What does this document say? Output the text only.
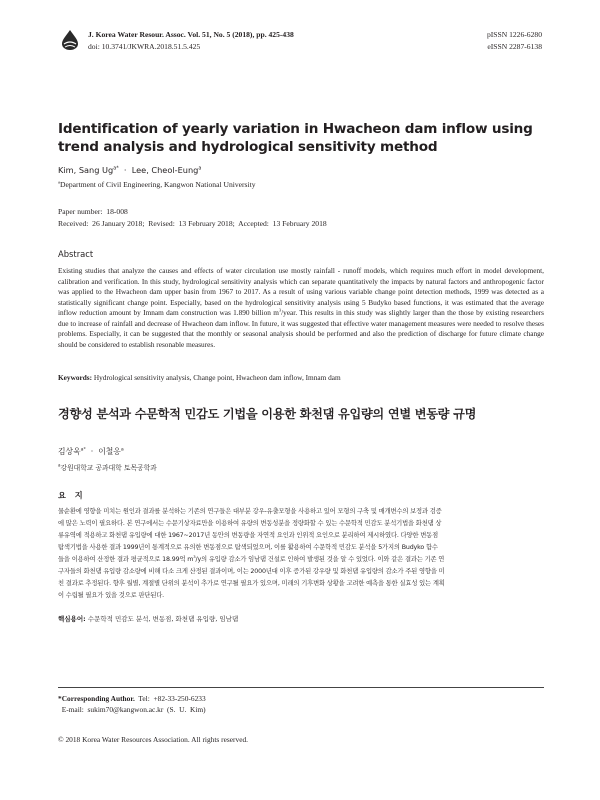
J. Korea Water Resour. Assoc. Vol. 51, No. 5 (2018), pp. 425-438
doi: 10.3741/JKWRA.2018.51.5.425
pISSN 1226-6280
eISSN 2287-6138
Identification of yearly variation in Hwacheon dam inflow using trend analysis and hydrological sensitivity method
Kim, Sang $Ug^{a*}$  ·  Lee, Cheol-Eung$^a$
$^a$Department of Civil Engineering, Kangwon National University
Paper number:  18-008
Received:  26 January 2018;  Revised:  13 February 2018;  Accepted:  13 February 2018
Abstract
Existing studies that analyze the causes and effects of water circulation use mostly rainfall - runoff models, which requires much effort in model development, calibration and verification. In this study, hydrological sensitivity analysis which can separate quantitatively the impacts by natural factors and anthropogenic factor was applied to the Hwacheon dam upper basin from 1967 to 2017. As a result of using various variable change point detection methods, 1999 was detected as a statistically significant change point. Especially, based on the hydrological sensitivity analysis using 5 Budyko based functions, it was estimated that the average inflow reduction amount by Imnam dam construction was 1.890 billion $m^3$/year. This results in this study was slightly larger than the those by existing researchers due to increase of rainfall and decrease of Hwacheon dam inflow. In future, it was suggested that effective water management measures were needed to resolve theses problems. Especially, it can be suggested that the monthly or seasonal analysis should be performed and also the prediction of discharge for future climate change should be considered to establish resonable measures.
Keywords: Hydrological sensitivity analysis, Change point, Hwacheon dam inflow, Imnam dam
경향성 분석과 수문학적 민감도 기법을 이용한 화천댐 유입량의 연별 변동량 규명
김상욱$^{a*}$  ·  이철응$^a$
$^a$강원대학교 공과대학 토목공학과
요 지
물순환에 영향을 미치는 원인과 결과를 분석하는 기존의 연구들은 대부분 강우-유출모형을 사용하고 있어 모형의 구축 및 매개변수의 보정과 검증
에 많은 노력이 필요하다. 본 연구에서는 수문기상자료만을 이용하여 유량의 변동성분을 정량화할 수 있는 수문학적 민감도 분석기법을 화천댐 상
류유역에 적용하고 화천댐 유입량에 대한 1967~2017년 동안의 변동량을 자연적 요인과 인위적 요인으로 분리하여 제시하였다. 다양한 변동점
탐색기법을 사용한 결과 1999년이 통계적으로 유의한 변동점으로 탐색되었으며, 이를 활용하여 수문학적 민감도 분석을 5가지의 Budyko 함수
들을 이용하여 산정한 결과 평균적으로 18.99억 $m^3/y$의 유입량 감소가 임남댐 건설로 인하여 발생된 것을 알 수 있었다. 이와 같은 결과는 기존 연
구자들의 화천댐 유입량 감소량에 비해 다소 크게 산정된 결과이며, 이는 2000년대 이후 증가된 강우량 및 화천댐 유입량의 감소가 주된 영향을 미
친 결과로 추정된다. 향후 월별, 계절별 단위의 분석이 추가로 연구될 필요가 있으며, 미래의 기후변화 상황을 고려한 예측을 통한 실효성 있는 계획
이 수립될 필요가 있을 것으로 판단된다.
핵심용어: 수문학적 민감도 분석, 변동점, 화천댐 유입량, 임남댐
*Corresponding Author.  Tel:  +82-33-250-6233
E-mail:  sukim70@kangwon.ac.kr  (S.  U.  Kim)
© 2018 Korea Water Resources Association. All rights reserved.
